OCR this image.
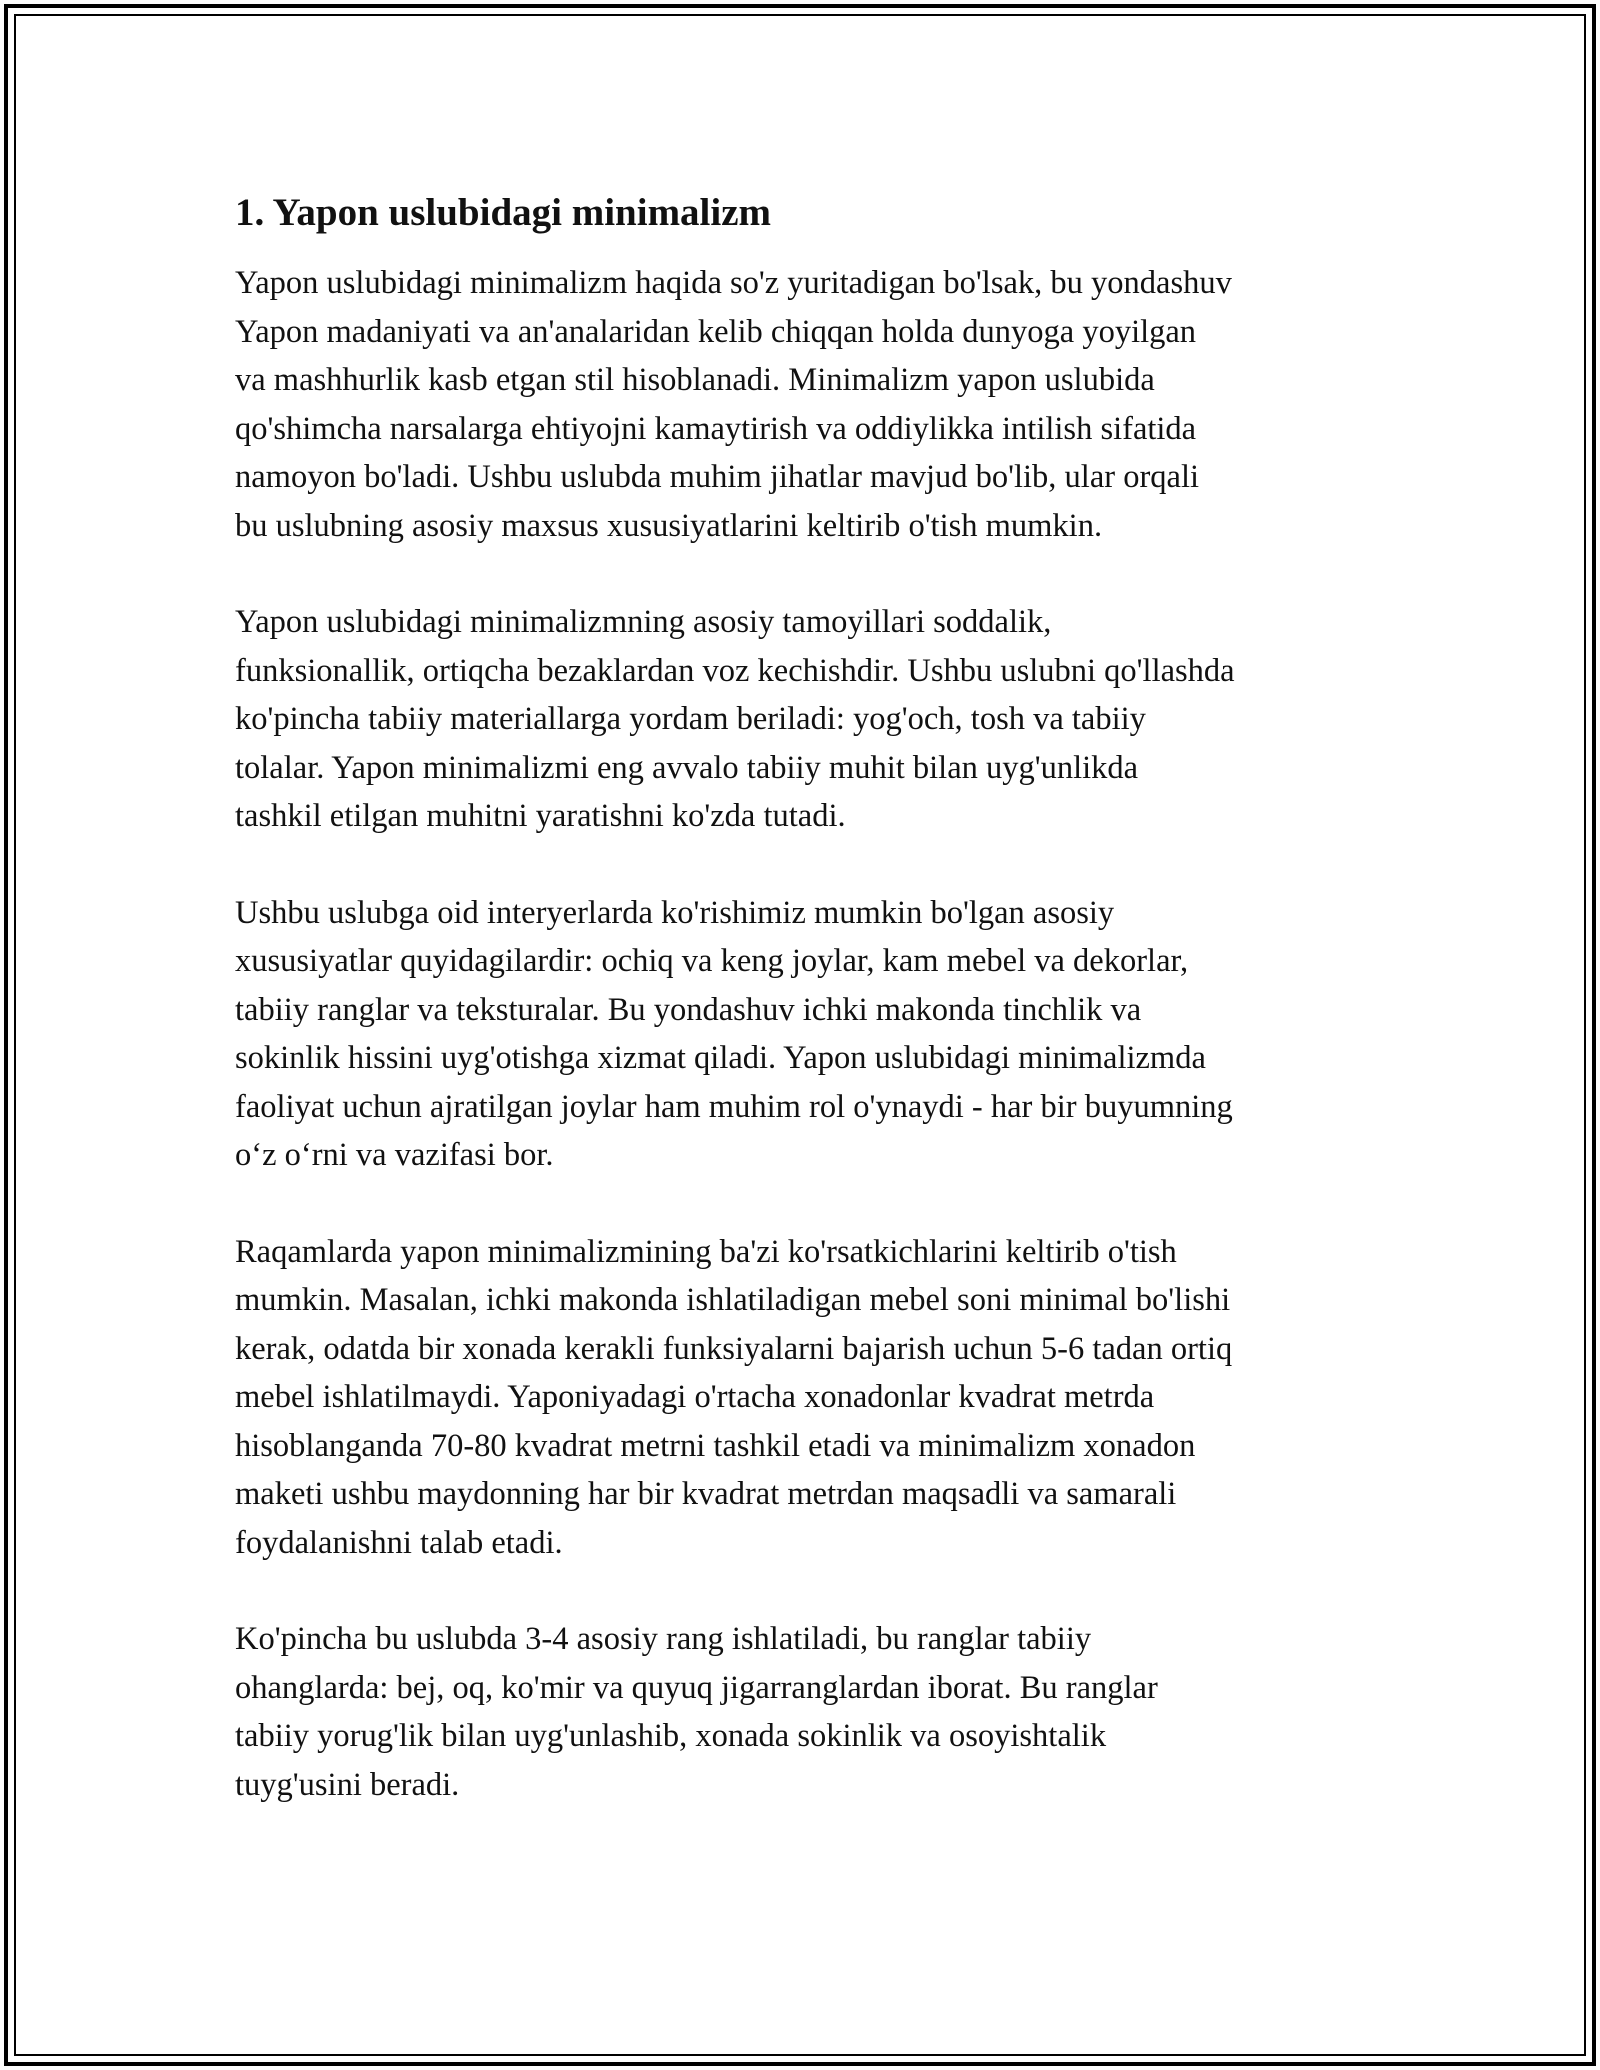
1. Yapon uslubidagi minimalizm

Yapon uslubidagi minimalizm haqida so'z yuritadigan bo'lsak, bu yondashuv
Yapon madaniyati va an'analaridan kelib chiqqan holda dunyoga yoyilgan
va mashhurlik kasb etgan stil hisoblanadi. Minimalizm yapon uslubida
qo'shimcha narsalarga ehtiyojni kamaytirish va oddiylikka intilish sifatida
namoyon bo'ladi. Ushbu uslubda muhim jihatlar mavjud bo'lib, ular orqali
bu uslubning asosiy maxsus xususiyatlarini keltirib o'tish mumkin.

Yapon uslubidagi minimalizmning asosiy tamoyillari soddalik,
funksionallik, ortiqcha bezaklardan voz kechishdir. Ushbu uslubni qo'llashda
ko'pincha tabiiy materiallarga yordam beriladi: yog'och, tosh va tabiiy
tolalar. Yapon minimalizmi eng avvalo tabiiy muhit bilan uyg'unlikda
tashkil etilgan muhitni yaratishni ko'zda tutadi.

Ushbu uslubga oid interyerlarda ko'rishimiz mumkin bo'lgan asosiy
xususiyatlar quyidagilardir: ochiq va keng joylar, kam mebel va dekorlar,
tabiiy ranglar va teksturalar. Bu yondashuv ichki makonda tinchlik va
sokinlik hissini uyg'otishga xizmat qiladi. Yapon uslubidagi minimalizmda
faoliyat uchun ajratilgan joylar ham muhim rol o'ynaydi - har bir buyumning
o‘z o‘rni va vazifasi bor.

Raqamlarda yapon minimalizmining ba'zi ko'rsatkichlarini keltirib o'tish
mumkin. Masalan, ichki makonda ishlatiladigan mebel soni minimal bo'lishi
kerak, odatda bir xonada kerakli funksiyalarni bajarish uchun 5-6 tadan ortiq
mebel ishlatilmaydi. Yaponiyadagi o'rtacha xonadonlar kvadrat metrda
hisoblanganda 70-80 kvadrat metrni tashkil etadi va minimalizm xonadon
maketi ushbu maydonning har bir kvadrat metrdan maqsadli va samarali
foydalanishni talab etadi.

Ko'pincha bu uslubda 3-4 asosiy rang ishlatiladi, bu ranglar tabiiy
ohanglarda: bej, oq, ko'mir va quyuq jigarranglardan iborat. Bu ranglar
tabiiy yorug'lik bilan uyg'unlashib, xonada sokinlik va osoyishtalik
tuyg'usini beradi.
